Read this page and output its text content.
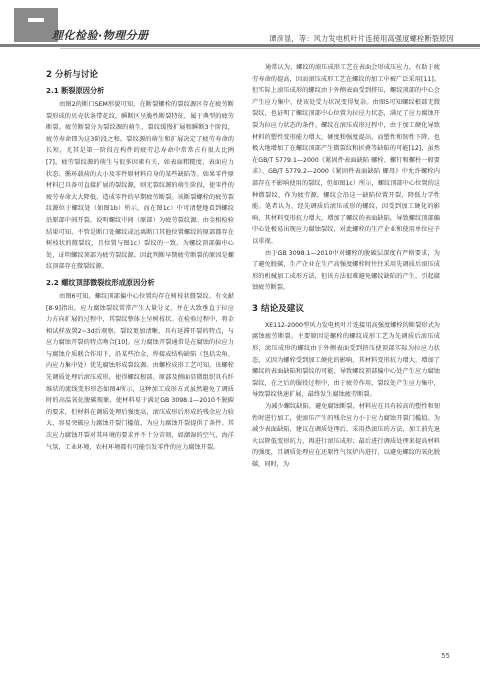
理化检验·物理分册	谭彦显，等：风力发电机叶片连接用高强度螺栓断裂原因
2 分析与讨论
2.1 断裂原因分析

由图2的断口SEM形貌可知，在断裂螺栓的裂纹源区存在疲劳断裂形成的贝壳状条带花纹，瞬断区呈脆性断裂特征，属于典型的疲劳断裂。疲劳断裂分为裂纹源的萌生、裂纹缓慢扩展和瞬断3个阶段，疲劳寿命即为这3阶段之和。裂纹源的萌生和扩展决定了疲劳寿命的长短，尤其是第一阶段在构件的疲劳总寿命中常常占有很大比例[7]。疲劳裂纹源的萌生与很多因素有关，如表面粗糙度、表面应力状态、循环载荷的大小及零件原材料自身的某些缺陷等。如果零件原材料已具备可直接扩展的裂纹源，则无裂纹源的萌生阶段，使零件的疲劳寿命大大降低，造成零件的早期疲劳断裂。该断裂螺栓的疲劳裂纹源位于螺纹处（如图1b）所示，而在图1c）中可清楚地看到螺纹沿原部中间开裂，说明螺纹中间（原部）为疲劳裂纹源。由金相检验结果可知，不管是断口处螺纹或远离断口其他位置螺纹的原部都存在树枝状的微裂纹，且位置与图1c）裂纹的一致，为螺纹顶部偏中心处，证明螺纹顶部为疲劳裂纹源。因此判断早期疲劳断裂的原因是螺纹顶部存在微裂纹源。

2.2 螺纹顶部微裂纹形成原因分析

由图6可知，螺纹顶部偏中心位置均存在树枝状微裂纹。有文献[8-9]指出，应力腐蚀裂纹常常产生大量分叉，并在大致垂直于拉应力方向扩展的过程中，其裂纹整体上呈树枝状。在检验过程中，将金相试样放置2~3d后观察，裂纹更加清晰，具有延滞开裂的特点，与应力腐蚀开裂的特点吻合[10]。应力腐蚀开裂通常是在腐蚀的拉应力与腐蚀介质联合作用下，沿某些冶金、焊接或结构缺陷（包括尖角、内应力集中处）优先腐蚀形成裂纹源。由螺栓成形工艺可知，该螺栓先调质处理后滚压成形，使得螺纹根部、原部及侧面显微组织具有纤维状的流线变形形态如图4所示，这种加工成形方式虽然避免了调质时的高温氧化脱碳现象，使材料易于满足GB 3098.1—2010不脱碳的要求，但材料在调质处理后强度高，滚压成形后形成的残余应力较大，容易突破应力腐蚀开裂门槛值，为应力腐蚀开裂提供了条件。其次应力腐蚀开裂对其环境的要求并不十分苛刻，如潮湿的空气、海洋气氛、工业环境、农村环境都有可能引发零件的应力腐蚀开裂。

通常认为，螺纹的滚压成形工艺在表面会形成压应力，有助于疲劳寿命的提高，因而滚压成形工艺在螺纹的加工中被广泛采用[11]。但实际上滚压成形的螺纹由于外侧表面受到挤压，螺纹顶部的中心会产生应力集中，使该处受力状况变得复杂。由图5可知螺纹根部无微裂纹，也证明了螺纹顶部中心位置为拉应力状态，满足了应力腐蚀开裂为拉应力状态的条件。螺纹在滚压成形过程中，由于加工硬化导致材料的塑性变形能力增大，硬度和强度提高，而塑性和韧性下降，也极大地增加了在螺纹顶部产生微裂纹和折叠等缺陷的可能[12]，虽然在GB/T 5779.1—2000《紧固件表面缺陷 螺栓、螺钉和螺柱一般要求》、GB/T 5779.2—2000《紧固件表面缺陷 螺母》中允许螺栓内部存在不影响使用的裂纹，但如图1c）所示，螺纹顶部中心位置的这种微裂纹，作为疲劳源，螺纹会沿这一缺陷位置开裂，降低力学性能。笔者认为，经先调质后滚压成形的螺纹，因受到加工硬化的影响，其材料变形抗力增大，增加了螺纹的表面缺陷，导致螺纹顶部偏中心处极易出现应力腐蚀裂纹，对此螺栓的生产企业和使用单位应予以重视。

由于GB 3098.1—2010中对螺栓的脱碳层深度有严格要求，为了避免脱碳，生产企业在生产高强度螺栓时往往采用先调质后滚压成形的机械加工成形方法，但该方法很难避免螺纹缺陷的产生，引起腐蚀疲劳断裂。

3 结论及建议

XE112-2000型风力发电机叶片连接用高强度螺栓的断裂形式为腐蚀疲劳断裂。主要原因是螺栓的螺纹成形工艺为先调质后滚压成形，滚压成形的螺纹由于外侧表面受到挤压使顶部实际为拉应力状态，又因为螺栓受到加工硬化的影响，其材料变形抗力增大，增加了螺纹的表面缺陷和裂纹的可能，导致螺纹顶部偏中心处产生应力腐蚀裂纹，在之后的服役过程中，由于疲劳作用，裂纹处产生应力集中，导致裂纹快速扩展，最终发生腐蚀疲劳断裂。

为减少螺纹缺陷，避免腐蚀断裂，材料应在具有较高的塑性和韧性时进行加工，使滚压产生的残余应力小于应力腐蚀开裂门槛值。为减少表面缺陷，建议在调质处理后，采用热滚压的方法，加工前先退火以降低变形抗力，再进行滚压成形；最后进行调质处理来提高材料的强度，且调质处理应在还原性气氛炉内进行，以避免螺纹的氧化脱碳。同时，为

55
